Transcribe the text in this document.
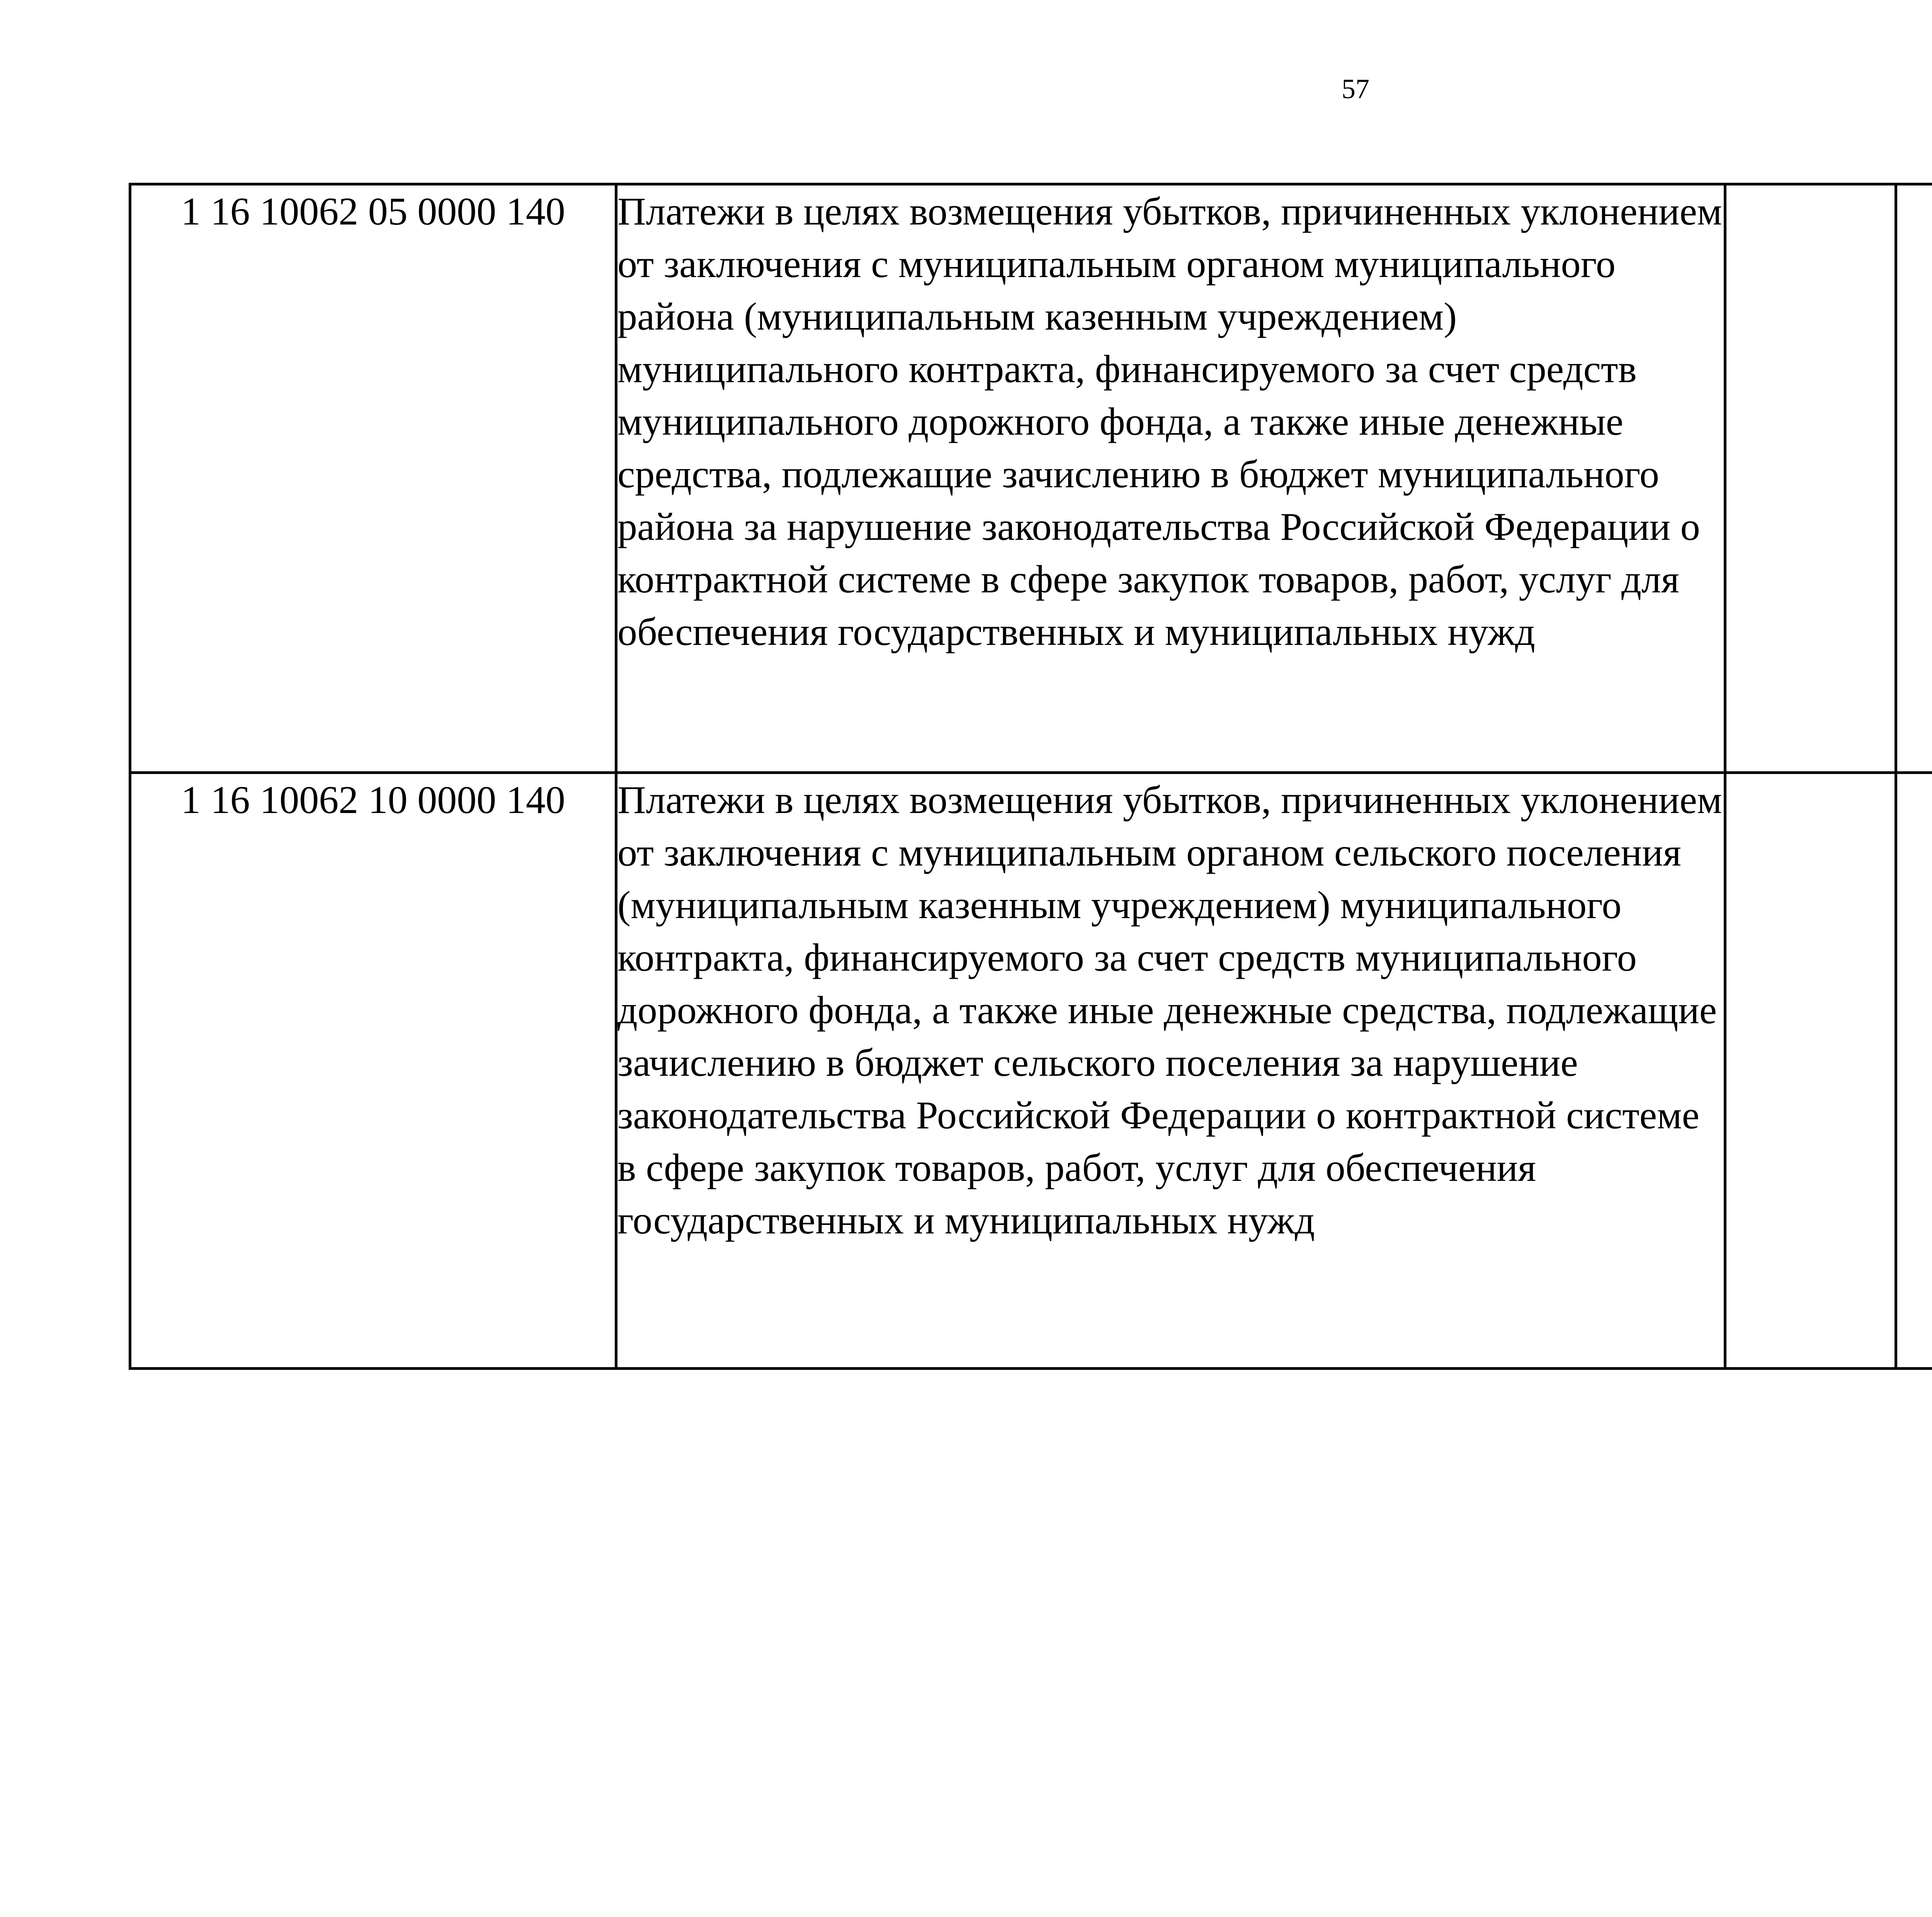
57
1 16 10062 05 0000 140	Платежи в целях возмещения убытков, причиненных уклонением от заключения с муниципальным органом муниципального района (муниципальным казенным учреждением) муниципального контракта, финансируемого за счет средств муниципального дорожного фонда, а также иные денежные средства, подлежащие зачислению в бюджет муниципального района за нарушение законодательства Российской Федерации о контрактной системе в сфере закупок товаров, работ, услуг для обеспечения государственных и муниципальных нужд					
1 16 10062 10 0000 140	Платежи в целях возмещения убытков, причиненных уклонением от заключения с муниципальным органом сельского поселения (муниципальным казенным учреждением) муниципального контракта, финансируемого за счет средств муниципального дорожного фонда, а также иные денежные средства, подлежащие зачислению в бюджет сельского поселения за нарушение законодательства Российской Федерации о контрактной системе в сфере закупок товаров, работ, услуг для обеспечения государственных и муниципальных нужд					
